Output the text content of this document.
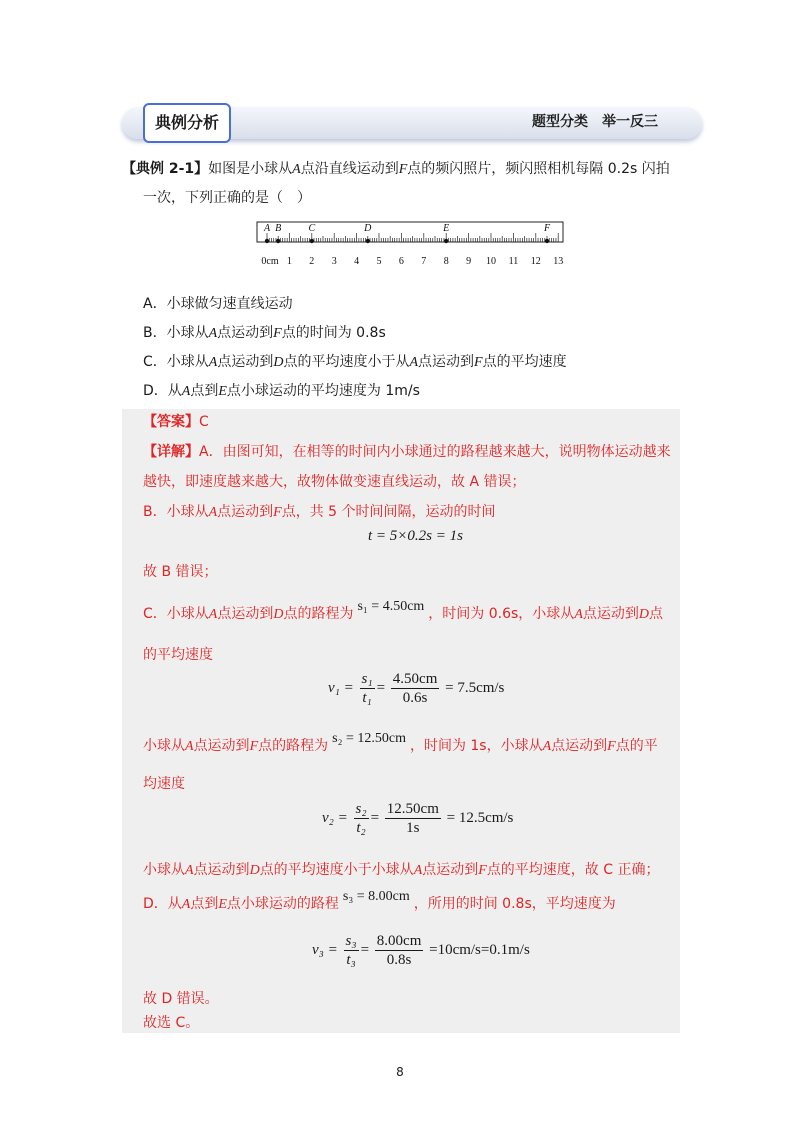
典例分析	题型分类　举一反三
【典例 2-1】如图是小球从A点沿直线运动到F点的频闪照片，频闪照相机每隔 0.2s 闪拍
一次，下列正确的是（　）
0cm 1 2 3 4 5 6 7 8 9 10 11 12 13
A B	C	D	E	F
A．小球做匀速直线运动
B．小球从A点运动到F点的时间为 0.8s
C．小球从A点运动到D点的平均速度小于从A点运动到F点的平均速度
D．从A点到E点小球运动的平均速度为 1m/s
【答案】C
【详解】A．由图可知，在相等的时间内小球通过的路程越来越大，说明物体运动越来
越快，即速度越来越大，故物体做变速直线运动，故 A 错误；
B．小球从A点运动到F点，共 5 个时间间隔，运动的时间
t = 5×0.2s = 1s
故 B 错误；
C．小球从A点运动到D点的路程为 s₁ = 4.50cm ，时间为 0.6s，小球从A点运动到D点
的平均速度
$v_1 = \frac{\text{s₁}}{\text{t₁}} = \frac{4.50cm}{0.6s} = 7.5cm/s$
小球从A点运动到F点的路程为 s₂ = 12.50cm ，时间为 1s，小球从A点运动到F点的平
均速度
$v_2 = \frac{\text{s₂}}{\text{t₂}} = \frac{12.50cm}{1s} = 12.5cm/s$
小球从A点运动到D点的平均速度小于小球从A点运动到F点的平均速度，故 C 正确；
D．从A点到E点小球运动的路程 s₃ = 8.00cm ，所用的时间 0.8s，平均速度为
$v_3 = \frac{\text{s₃}}{\text{t₃}} = \frac{8.00cm}{0.8s} =10cm/s=0.1m/s$
故 D 错误。
故选 C。
8
